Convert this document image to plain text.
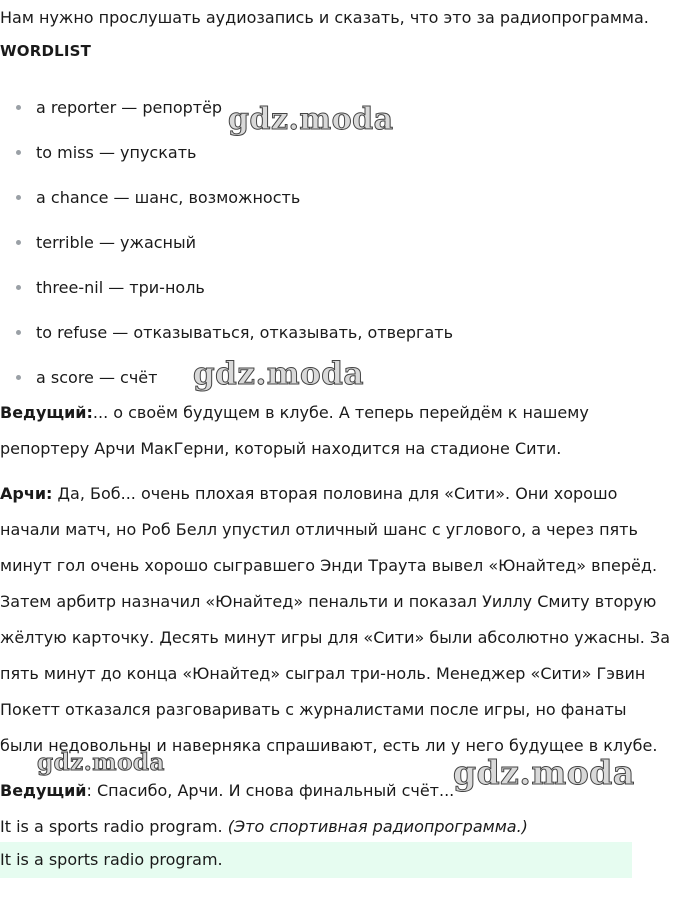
Нам нужно прослушать аудиозапись и сказать, что это за радиопрограмма.
WORDLIST
a reporter — репортёр
to miss — упускать
a chance — шанс, возможность
terrible — ужасный
three-nil — три-ноль
to refuse — отказываться, отказывать, отвергать
a score — счёт

Ведущий:... о своём будущем в клубе. А теперь перейдём к нашему репортеру Арчи МакГерни, который находится на стадионе Сити.

Арчи: Да, Боб... очень плохая вторая половина для «Сити». Они хорошо начали матч, но Роб Белл упустил отличный шанс с углового, а через пять минут гол очень хорошо сыгравшего Энди Траута вывел «Юнайтед» вперёд. Затем арбитр назначил «Юнайтед» пенальти и показал Уиллу Смиту вторую жёлтую карточку. Десять минут игры для «Сити» были абсолютно ужасны. За пять минут до конца «Юнайтед» сыграл три-ноль. Менеджер «Сити» Гэвин Покетт отказался разговаривать с журналистами после игры, но фанаты были недовольны и наверняка спрашивают, есть ли у него будущее в клубе.

Ведущий: Спасибо, Арчи. И снова финальный счёт...

It is a sports radio program. (Это спортивная радиопрограмма.)

It is a sports radio program.
gdz.moda
gdz.moda
gdz.moda	gdz.moda
